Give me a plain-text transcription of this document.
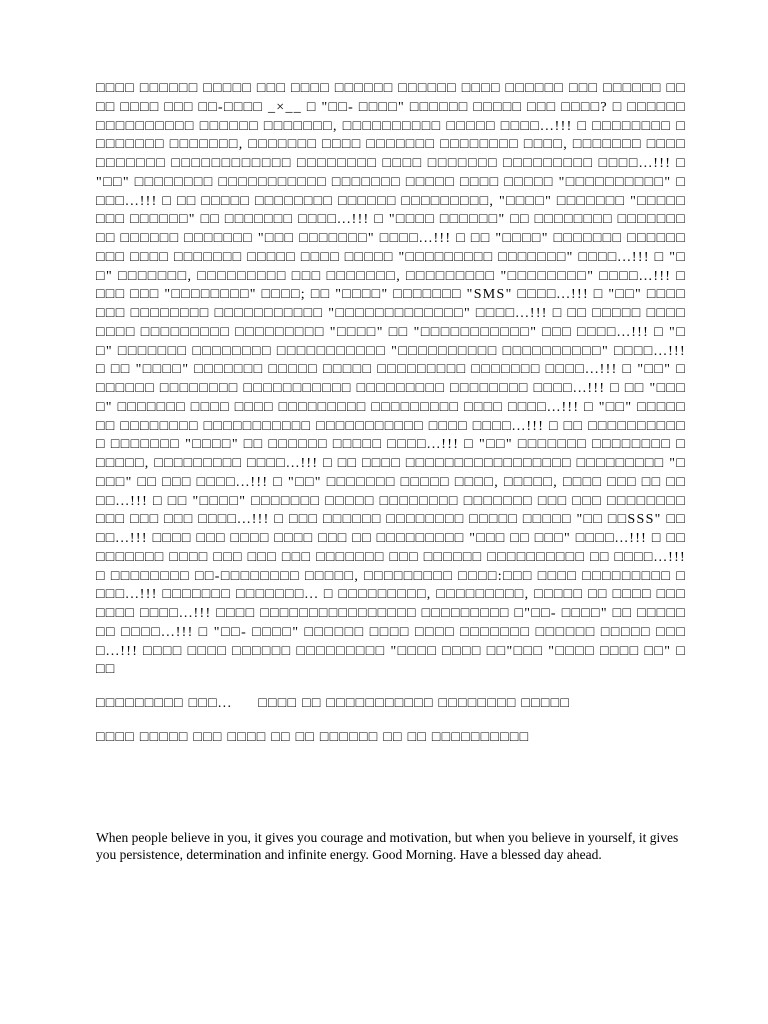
□□□□ □□□□□□ □□□□□ □□□ □□□□ □□□□□□ □□□□□□ □□□□ □□□□□□ □□□ □□□□□□ □□□□ □□□□ □□□ □□-□□□□ _×__ □ "□□- □□□□" □□□□□□ □□□□□ □□□ □□□□? □ □□□□□□ □□□□□□□□□□ □□□□□□ □□□□□□□, □□□□□□□□□□ □□□□□ □□□□...!!! □ □□□□□□□□ □□□□□□□□ □□□□□□□, □□□□□□□ □□□□ □□□□□□□ □□□□□□□□ □□□□, □□□□□□□ □□□□□□□□□□□ □□□□□□□□□□□□ □□□□□□□□ □□□□ □□□□□□□ □□□□□□□□□ □□□□...!!! □ "□□" □□□□□□□□ □□□□□□□□□□□ □□□□□□□ □□□□□ □□□□ □□□□□ "□□□□□□□□□□" □□□□...!!! □ □□ □□□□□ □□□□□□□□ □□□□□□ □□□□□□□□□, "□□□□" □□□□□□□ "□□□□□□□□ □□□□□□" □□ □□□□□□□ □□□□...!!! □ "□□□□ □□□□□□" □□ □□□□□□□□ □□□□□□□□□ □□□□□□ □□□□□□□ "□□□ □□□□□□□" □□□□...!!! □ □□ "□□□□" □□□□□□□ □□□□□□□□□ □□□□ □□□□□□□ □□□□□ □□□□ □□□□□ "□□□□□□□□□ □□□□□□□" □□□□...!!! □ "□□" □□□□□□□, □□□□□□□□□ □□□ □□□□□□□, □□□□□□□□□ "□□□□□□□□" □□□□...!!! □ □□□ □□□ "□□□□□□□□" □□□□; □□ "□□□□" □□□□□□□ "SMS" □□□□...!!! □ "□□" □□□□□□□ □□□□□□□□ □□□□□□□□□□□ "□□□□□□□□□□□□□" □□□□...!!! □ □□ □□□□□ □□□□□□□□ □□□□□□□□□ □□□□□□□□□ "□□□□" □□ "□□□□□□□□□□□" □□□ □□□□...!!! □ "□□" □□□□□□□ □□□□□□□□ □□□□□□□□□□□ "□□□□□□□□□□ □□□□□□□□□□" □□□□...!!! □ □□ "□□□□" □□□□□□□ □□□□□ □□□□□ □□□□□□□□□ □□□□□□□ □□□□...!!! □ "□□" □□□□□□□ □□□□□□□□ □□□□□□□□□□□ □□□□□□□□□ □□□□□□□□ □□□□...!!! □ □□ "□□□□" □□□□□□□ □□□□ □□□□ □□□□□□□□□ □□□□□□□□□ □□□□ □□□□...!!! □ "□□" □□□□□□□ □□□□□□□□ □□□□□□□□□□□ □□□□□□□□□□□ □□□□ □□□□...!!! □ □□ □□□□□□□□□□□ □□□□□□□ "□□□□" □□ □□□□□□ □□□□□ □□□□...!!! □ "□□" □□□□□□□ □□□□□□□□ □□□□□□, □□□□□□□□□ □□□□...!!! □ □□ □□□□ □□□□□□□□□□□□□□□□□ □□□□□□□□□ "□□□□" □□ □□□ □□□□...!!! □ "□□" □□□□□□□ □□□□□ □□□□, □□□□□, □□□□ □□□ □□ □□□□...!!! □ □□ "□□□□" □□□□□□□ □□□□□ □□□□□□□□ □□□□□□□ □□□ □□□ □□□□□□□□ □□□ □□□ □□□ □□□□...!!! □ □□□ □□□□□□ □□□□□□□□ □□□□□ □□□□□ "□□ □□SSS" □□□□...!!! □□□□ □□□ □□□□ □□□□ □□□ □□ □□□□□□□□□ "□□□ □□ □□□" □□□□...!!! □ □□□□□□□□□ □□□□ □□□ □□□ □□□ □□□□□□□ □□□ □□□□□□ □□□□□□□□□□ □□ □□□□...!!! □ □□□□□□□□ □□-□□□□□□□□ □□□□□, □□□□□□□□□ □□□□:□□□ □□□□ □□□□□□□□□ □□□□...!!! □□□□□□□ □□□□□□□... □ □□□□□□□□□, □□□□□□□□□, □□□□□ □□ □□□□ □□□ □□□□ □□□□...!!! □□□□ □□□□□□□□□□□□□□□□ □□□□□□□□□ □"□□- □□□□" □□ □□□□□□□ □□□□...!!! □ "□□- □□□□" □□□□□□ □□□□ □□□□ □□□□□□□ □□□□□□ □□□□□ □□□□...!!! □□□□ □□□□ □□□□□□ □□□□□□□□□ "□□□□ □□□□ □□"□□□ "□□□□ □□□□ □□" □□□
□□□□□□□□□ □□□... □□□□ □□ □□□□□□□□□□□ □□□□□□□□ □□□□□
□□□□ □□□□□ □□□ □□□□ □□ □□ □□□□□□ □□ □□ □□□□□□□□□□
When people believe in you, it gives you courage and motivation, but when you believe in yourself, it gives you persistence, determination and infinite energy. Good Morning. Have a blessed day ahead.
